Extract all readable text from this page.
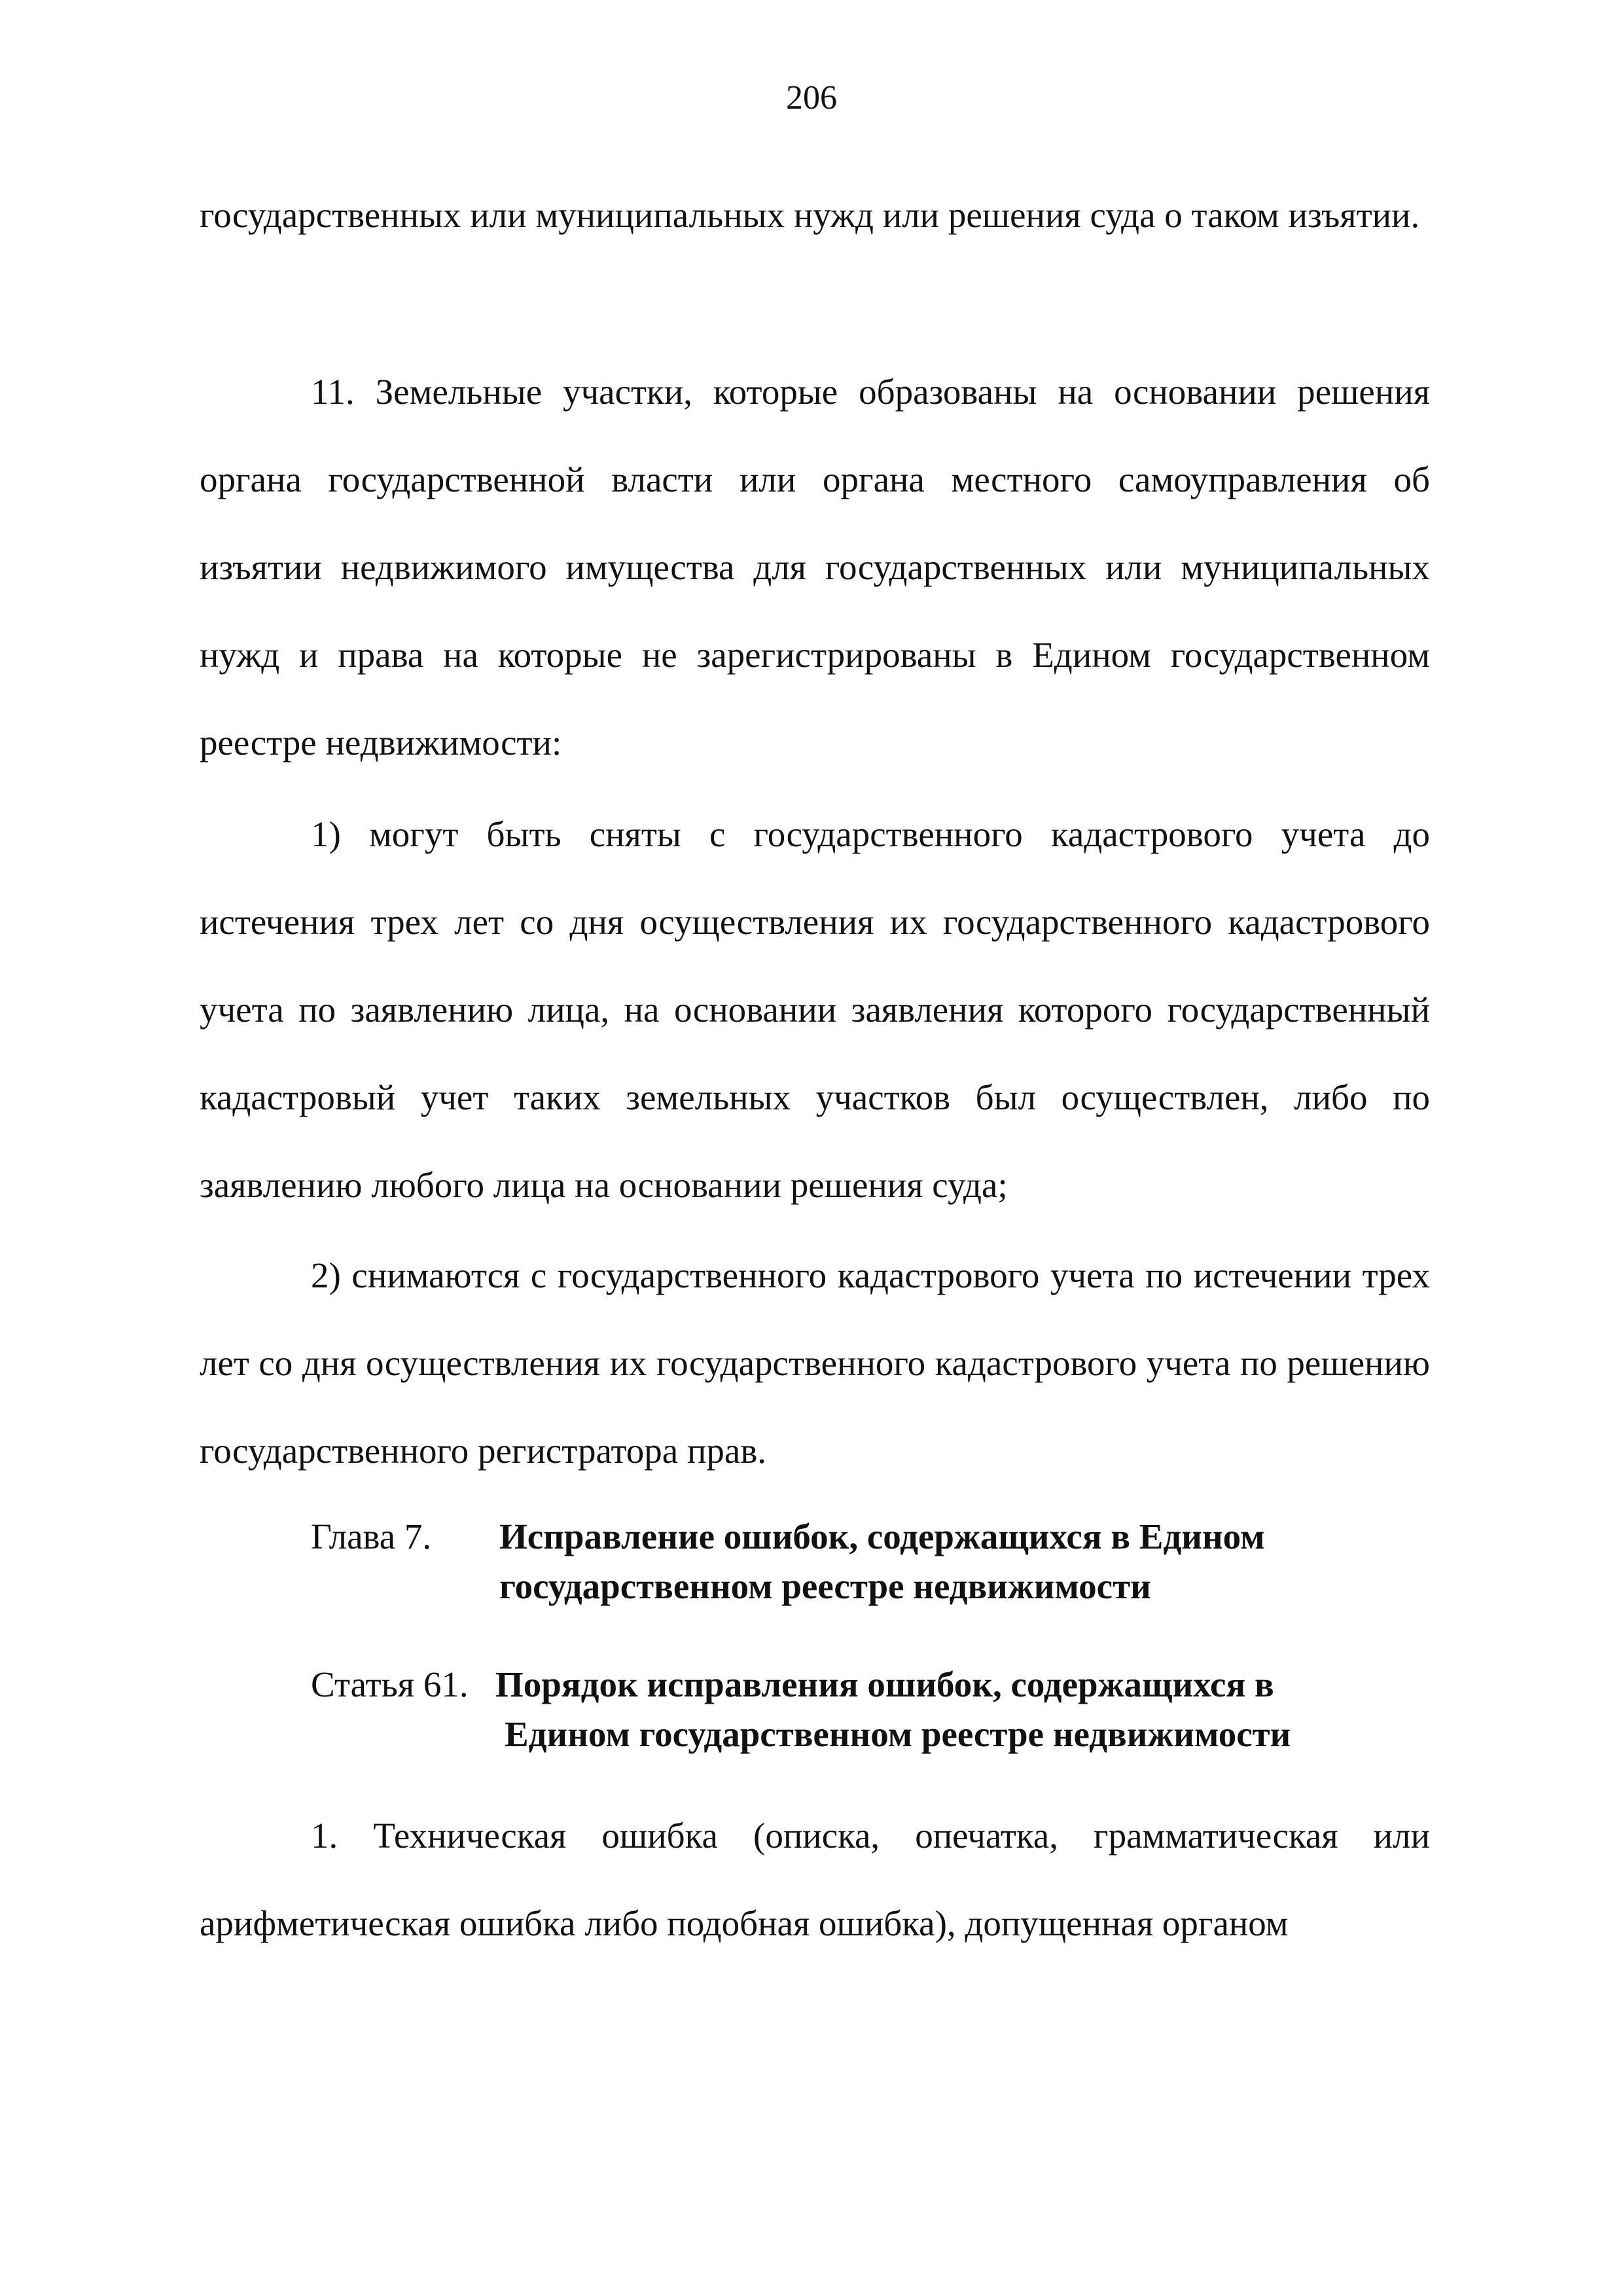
206

государственных или муниципальных нужд или решения суда о таком изъятии.

11. Земельные участки, которые образованы на основании решения органа государственной власти или органа местного самоуправления об изъятии недвижимого имущества для государственных или муниципальных нужд и права на которые не зарегистрированы в Едином государственном реестре недвижимости:

1) могут быть сняты с государственного кадастрового учета до истечения трех лет со дня осуществления их государственного кадастрового учета по заявлению лица, на основании заявления которого государственный кадастровый учет таких земельных участков был осуществлен, либо по заявлению любого лица на основании решения суда;

2) снимаются с государственного кадастрового учета по истечении трех лет со дня осуществления их государственного кадастрового учета по решению государственного регистратора прав.

Глава 7. Исправление ошибок, содержащихся в Едином
государственном реестре недвижимости
Статья 61. Порядок исправления ошибок, содержащихся в
Едином государственном реестре недвижимости

1. Техническая ошибка (описка, опечатка, грамматическая или арифметическая ошибка либо подобная ошибка), допущенная органом
